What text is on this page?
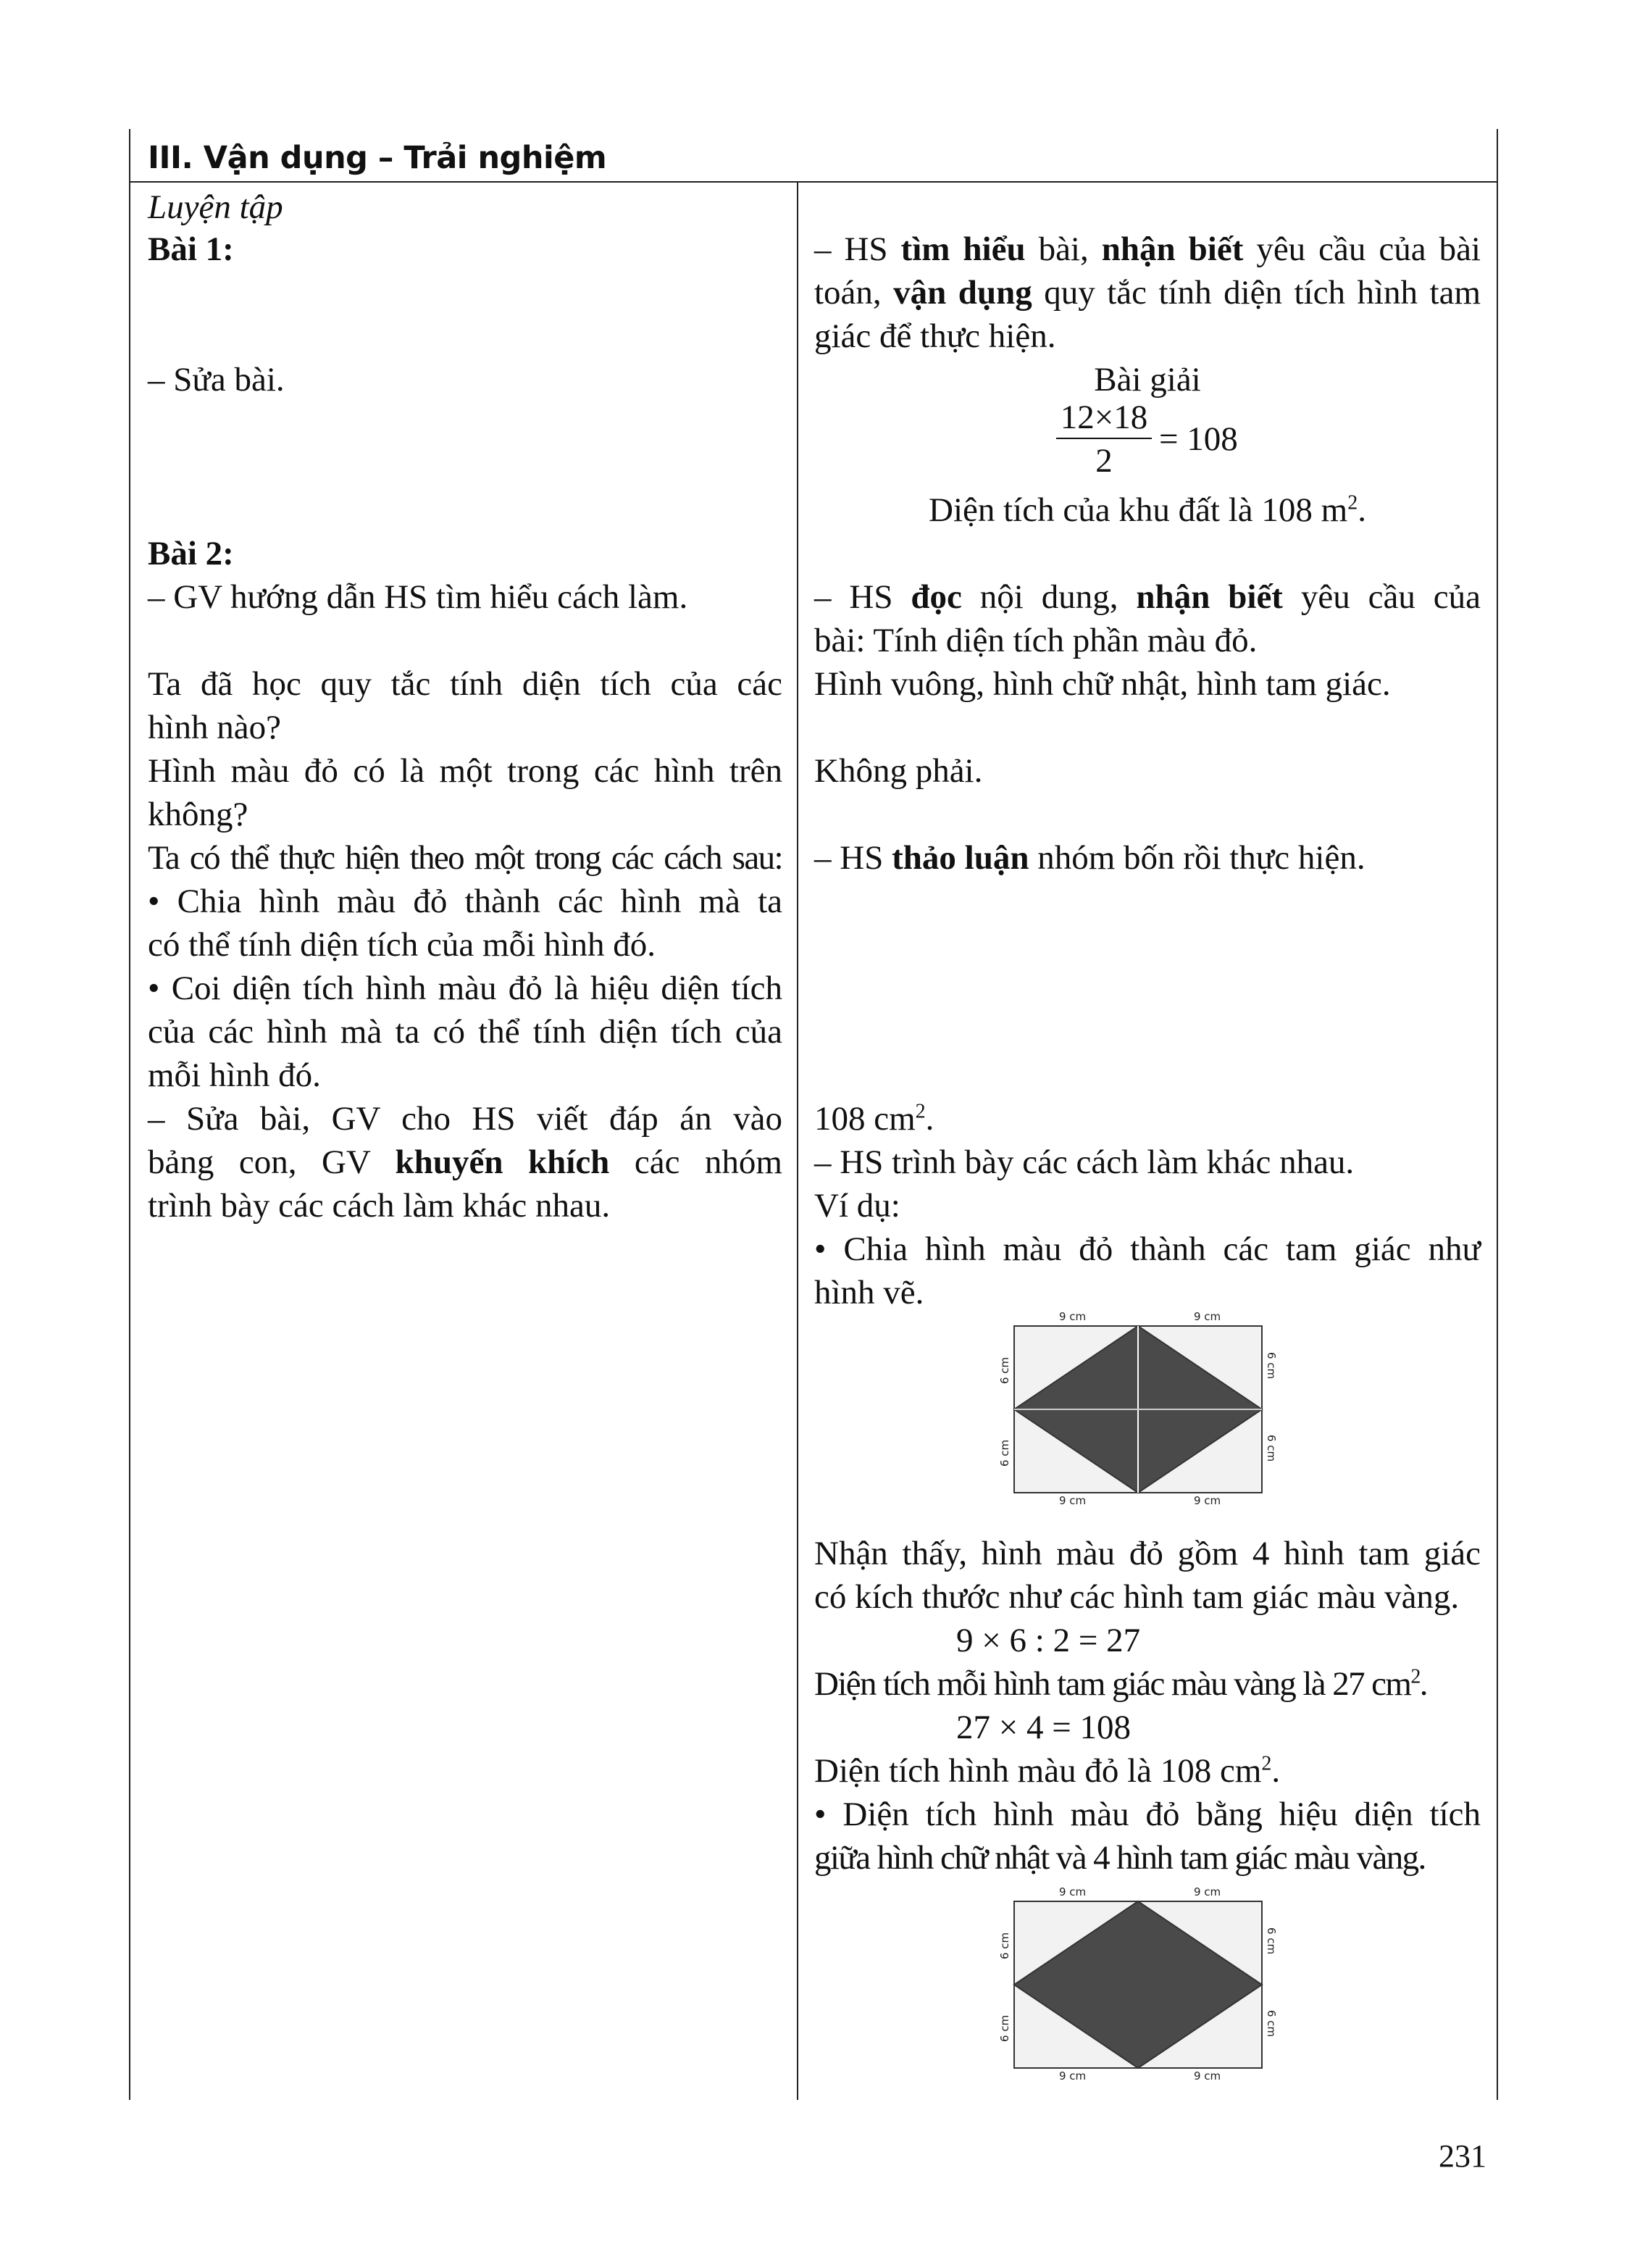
III. Vận dụng – Trải nghiệm
Luyện tập
Bài 1:
– Sửa bài.
Bài 2:
– GV hướng dẫn HS tìm hiểu cách làm.
Ta đã học quy tắc tính diện tích của các
hình nào?
Hình màu đỏ có là một trong các hình trên
không?
Ta có thể thực hiện theo một trong các cách sau:
• Chia hình màu đỏ thành các hình mà ta
có thể tính diện tích của mỗi hình đó.
• Coi diện tích hình màu đỏ là hiệu diện tích
của các hình mà ta có thể tính diện tích của
mỗi hình đó.
– Sửa bài, GV cho HS viết đáp án vào
bảng con, GV khuyến khích các nhóm
trình bày các cách làm khác nhau.
– HS tìm hiểu bài, nhận biết yêu cầu của bài
toán, vận dụng quy tắc tính diện tích hình tam
giác để thực hiện.
Bài giải
12×18
2
= 108
Diện tích của khu đất là 108 $m^2$.
– HS đọc nội dung, nhận biết yêu cầu của
bài: Tính diện tích phần màu đỏ.
Hình vuông, hình chữ nhật, hình tam giác.
Không phải.
– HS thảo luận nhóm bốn rồi thực hiện.
108 $cm^2$.
– HS trình bày các cách làm khác nhau.
Ví dụ:
• Chia hình màu đỏ thành các tam giác như
hình vẽ.
Nhận thấy, hình màu đỏ gồm 4 hình tam giác
có kích thước như các hình tam giác màu vàng.
9 × 6 : 2 = 27
Diện tích mỗi hình tam giác màu vàng là 27 $cm^2$.
27 × 4 = 108
Diện tích hình màu đỏ là 108 $cm^2$.
• Diện tích hình màu đỏ bằng hiệu diện tích
giữa hình chữ nhật và 4 hình tam giác màu vàng.
9 cm	9 cm
9 cm	9 cm
6 cm
6 cm
6 cm
6 cm
9 cm	9 cm
9 cm	9 cm
6 cm
6 cm
6 cm
6 cm
231
